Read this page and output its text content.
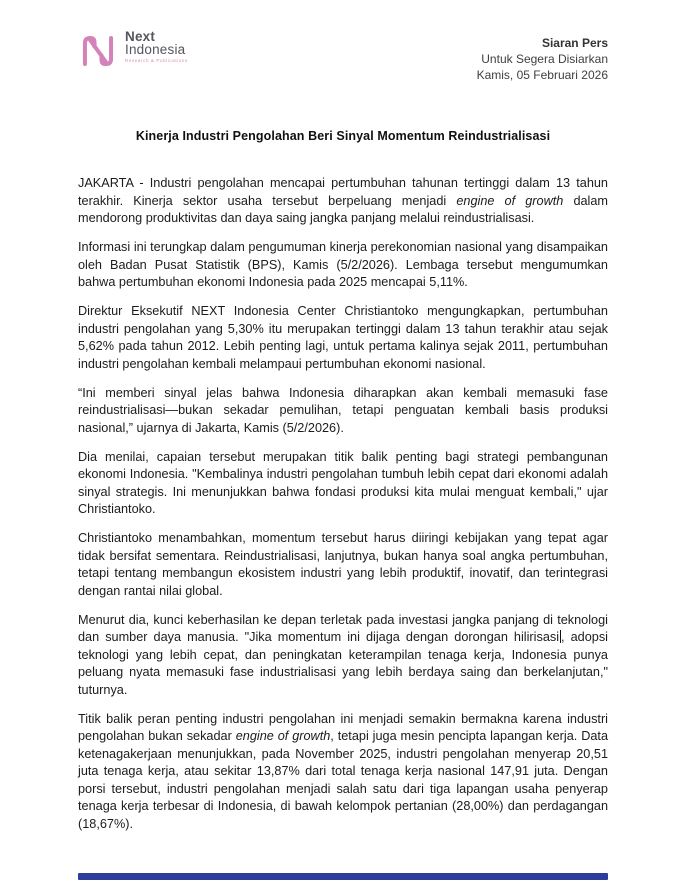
Next
Indonesia
Research & Publications
Siaran Pers
Untuk Segera Disiarkan
Kamis, 05 Februari 2026
Kinerja Industri Pengolahan Beri Sinyal Momentum Reindustrialisasi

JAKARTA - Industri pengolahan mencapai pertumbuhan tahunan tertinggi dalam 13 tahun terakhir. Kinerja sektor usaha tersebut berpeluang menjadi engine of growth dalam mendorong produktivitas dan daya saing jangka panjang melalui reindustrialisasi.

Informasi ini terungkap dalam pengumuman kinerja perekonomian nasional yang disampaikan oleh Badan Pusat Statistik (BPS), Kamis (5/2/2026). Lembaga tersebut mengumumkan bahwa pertumbuhan ekonomi Indonesia pada 2025 mencapai 5,11%.

Direktur Eksekutif NEXT Indonesia Center Christiantoko mengungkapkan, pertumbuhan industri pengolahan yang 5,30% itu merupakan tertinggi dalam 13 tahun terakhir atau sejak 5,62% pada tahun 2012. Lebih penting lagi, untuk pertama kalinya sejak 2011, pertumbuhan industri pengolahan kembali melampaui pertumbuhan ekonomi nasional.

“Ini memberi sinyal jelas bahwa Indonesia diharapkan akan kembali memasuki fase reindustrialisasi—bukan sekadar pemulihan, tetapi penguatan kembali basis produksi nasional,” ujarnya di Jakarta, Kamis (5/2/2026).

Dia menilai, capaian tersebut merupakan titik balik penting bagi strategi pembangunan ekonomi Indonesia. "Kembalinya industri pengolahan tumbuh lebih cepat dari ekonomi adalah sinyal strategis. Ini menunjukkan bahwa fondasi produksi kita mulai menguat kembali," ujar Christiantoko.

Christiantoko menambahkan, momentum tersebut harus diiringi kebijakan yang tepat agar tidak bersifat sementara. Reindustrialisasi, lanjutnya, bukan hanya soal angka pertumbuhan, tetapi tentang membangun ekosistem industri yang lebih produktif, inovatif, dan terintegrasi dengan rantai nilai global.

Menurut dia, kunci keberhasilan ke depan terletak pada investasi jangka panjang di teknologi dan sumber daya manusia. "Jika momentum ini dijaga dengan dorongan hilirisasi , adopsi teknologi yang lebih cepat, dan peningkatan keterampilan tenaga kerja, Indonesia punya peluang nyata memasuki fase industrialisasi yang lebih berdaya saing dan berkelanjutan," tuturnya.

Titik balik peran penting industri pengolahan ini menjadi semakin bermakna karena industri pengolahan bukan sekadar engine of growth, tetapi juga mesin pencipta lapangan kerja. Data ketenagakerjaan menunjukkan, pada November 2025, industri pengolahan menyerap 20,51 juta tenaga kerja, atau sekitar 13,87% dari total tenaga kerja nasional 147,91 juta. Dengan porsi tersebut, industri pengolahan menjadi salah satu dari tiga lapangan usaha penyerap tenaga kerja terbesar di Indonesia, di bawah kelompok pertanian (28,00%) dan perdagangan (18,67%).
